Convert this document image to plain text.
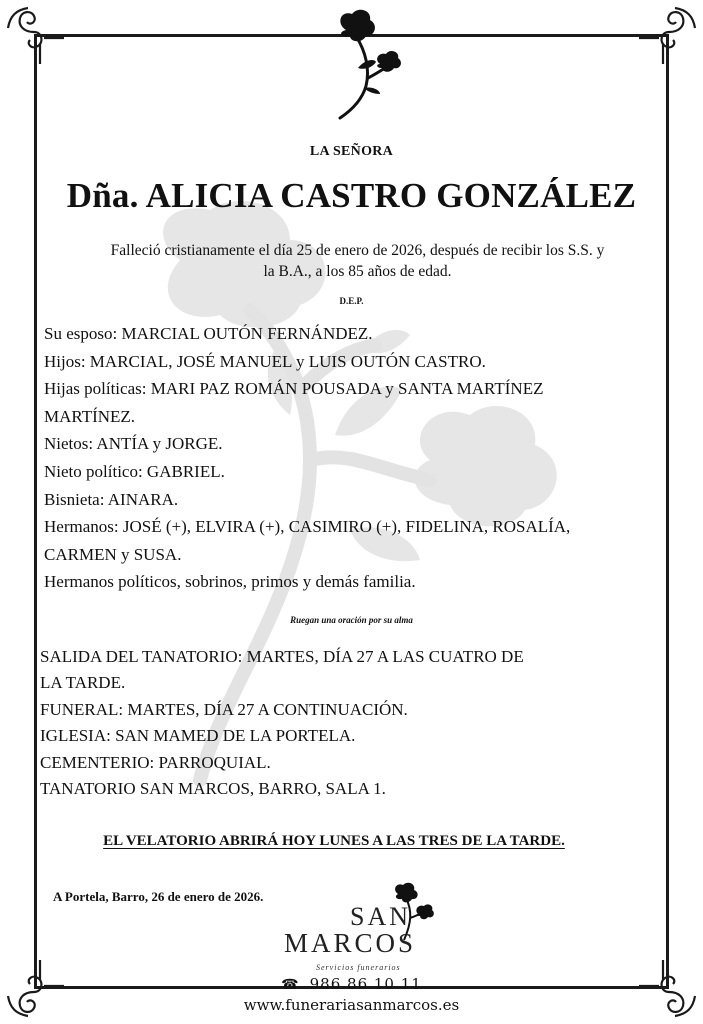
LA SEÑORA
Dña. ALICIA CASTRO GONZÁLEZ
Falleció cristianamente el día 25 de enero de 2026, después de recibir los S.S. y
la B.A., a los 85 años de edad.
D.E.P.
Su esposo: MARCIAL OUTÓN FERNÁNDEZ.
Hijos: MARCIAL, JOSÉ MANUEL y LUIS OUTÓN CASTRO.
Hijas políticas: MARI PAZ ROMÁN POUSADA y SANTA MARTÍNEZ
MARTÍNEZ.
Nietos: ANTÍA y JORGE.
Nieto político: GABRIEL.
Bisnieta: AINARA.
Hermanos: JOSÉ (+), ELVIRA (+), CASIMIRO (+), FIDELINA, ROSALÍA,
CARMEN y SUSA.
Hermanos políticos, sobrinos, primos y demás familia.
Ruegan una oración por su alma
SALIDA DEL TANATORIO: MARTES, DÍA 27 A LAS CUATRO DE
LA TARDE.
FUNERAL: MARTES, DÍA 27 A CONTINUACIÓN.
IGLESIA: SAN MAMED DE LA PORTELA.
CEMENTERIO: PARROQUIAL.
TANATORIO SAN MARCOS, BARRO, SALA 1.
EL VELATORIO ABRIRÁ HOY LUNES A LAS TRES DE LA TARDE.
A Portela, Barro, 26 de enero de 2026.
SAN
MARCOS
Servicios funerarios
☎ 986 86 10 11
www.funerariasanmarcos.es
